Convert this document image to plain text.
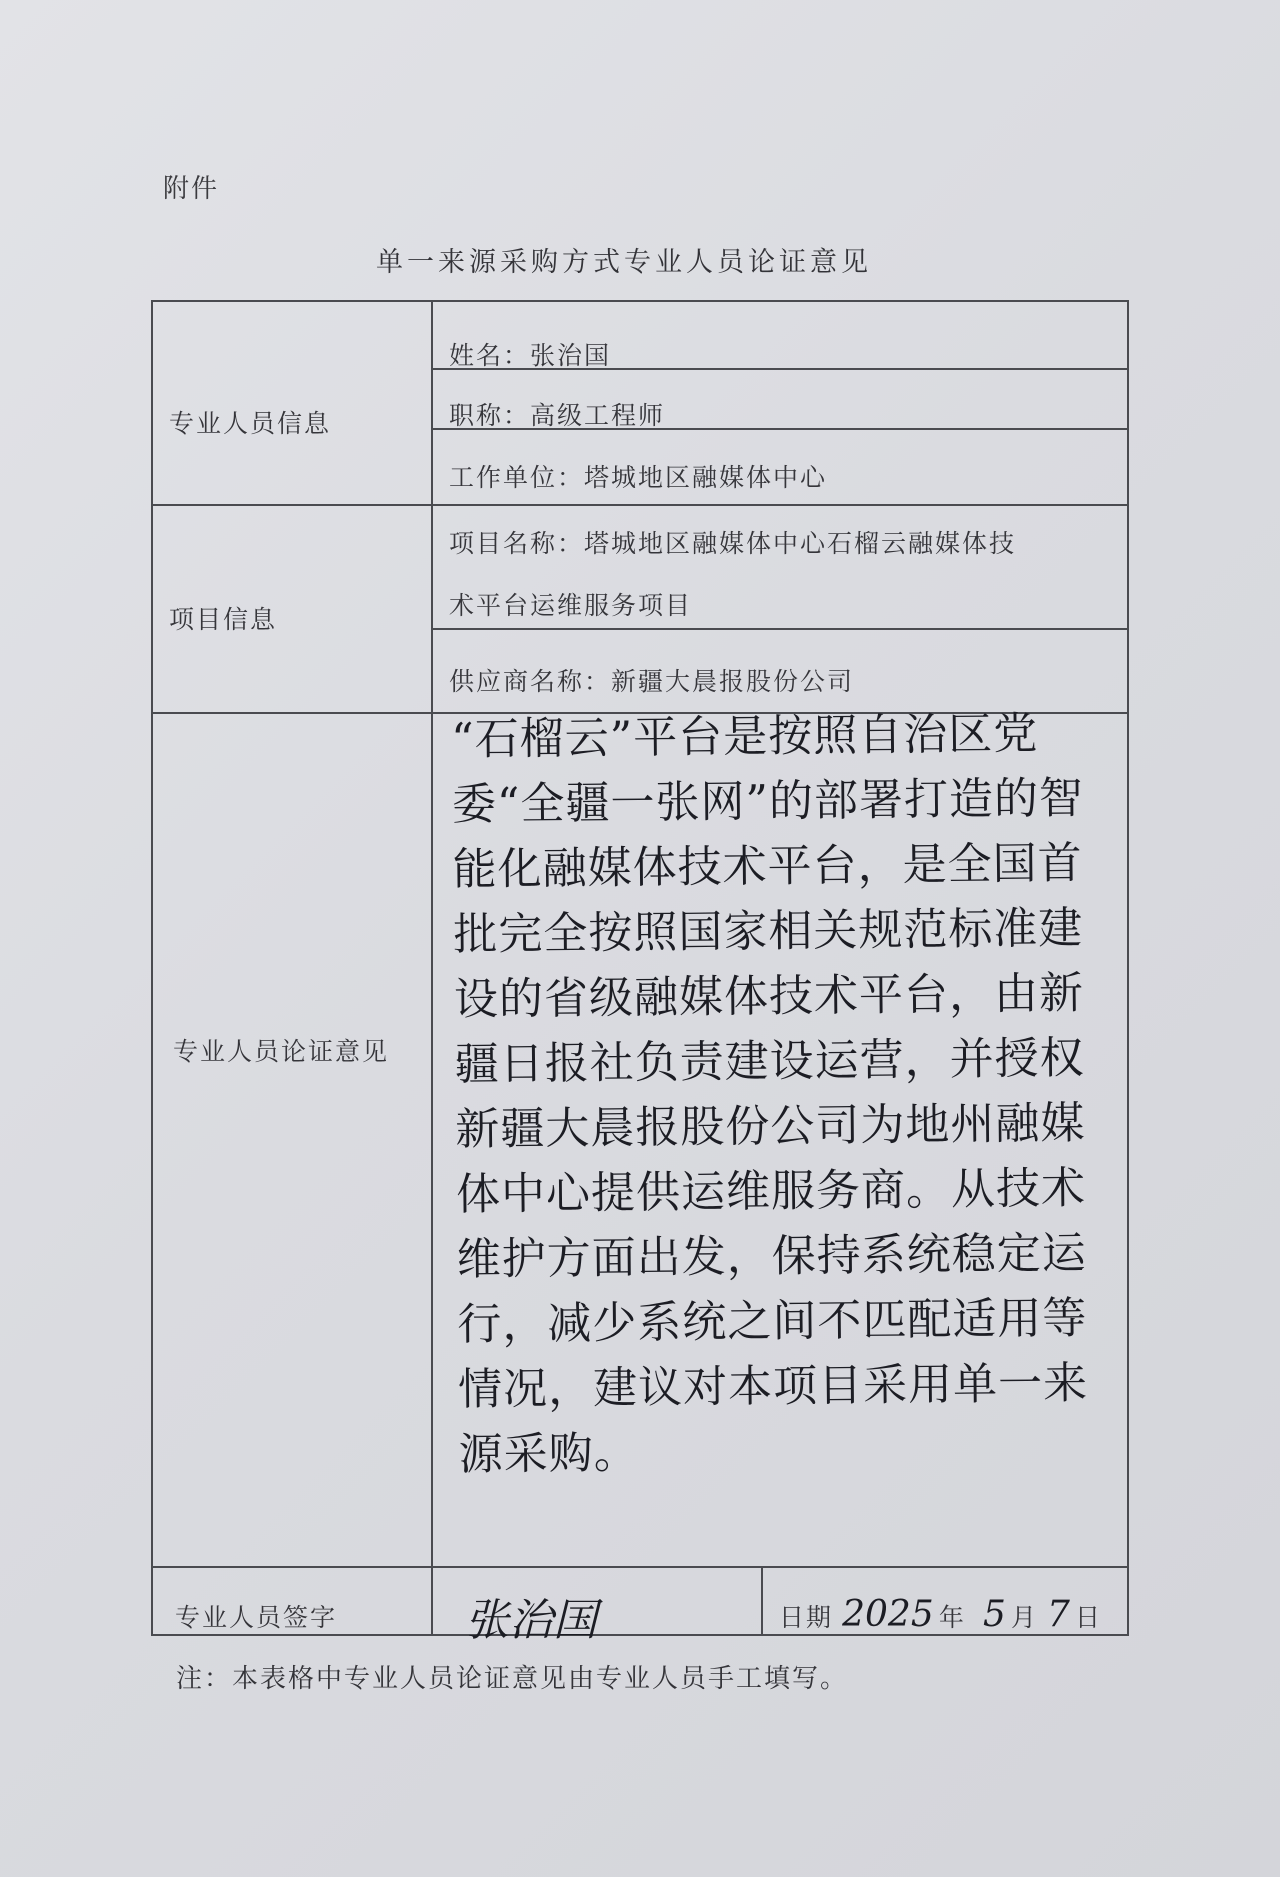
附件
单一来源采购方式专业人员论证意见
专业人员信息
项目信息
专业人员论证意见
专业人员签字
姓名：张治国
职称：高级工程师
工作单位：塔城地区融媒体中心
项目名称：塔城地区融媒体中心石榴云融媒体技
术平台运维服务项目
供应商名称：新疆大晨报股份公司
“石榴云”平台是按照自治区党委“全疆一张网”的部署打造的智能化融媒体技术平台，是全国首批完全按照国家相关规范标准建设的省级融媒体技术平台，由新疆日报社负责建设运营，并授权新疆大晨报股份公司为地州融媒体中心提供运维服务商。从技术维护方面出发，保持系统稳定运行，减少系统之间不匹配适用等情况，建议对本项目采用单一来源采购。
张治国	日期 2025 年 5 月 7 日
注：本表格中专业人员论证意见由专业人员手工填写。
